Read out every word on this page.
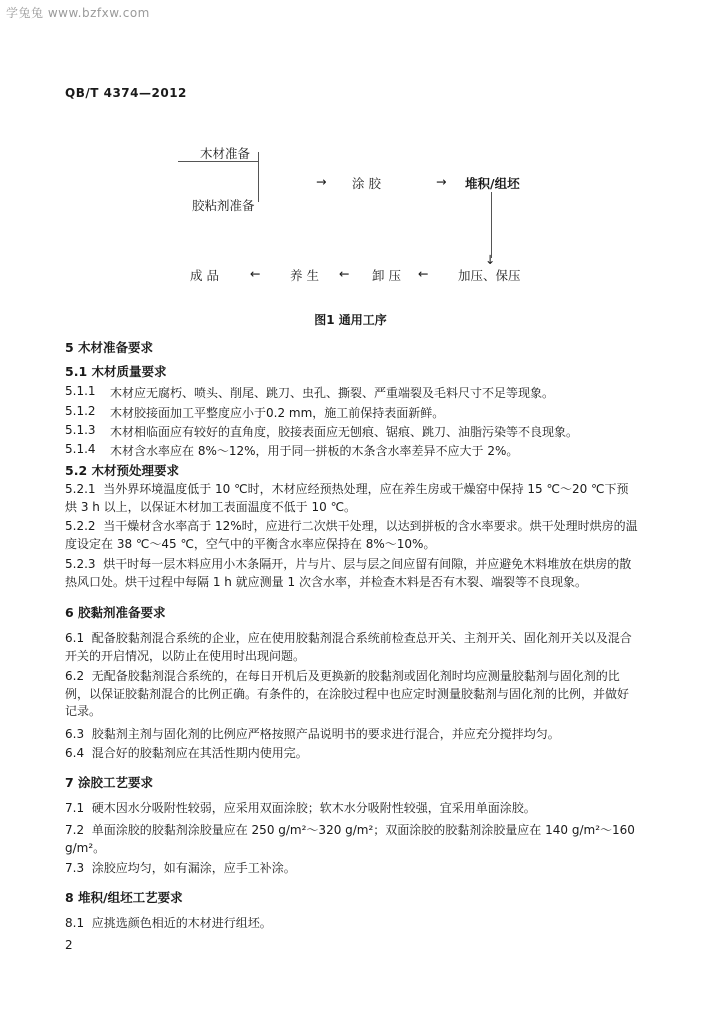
学兔兔 www.bzfxw.com
QB/T 4374—2012
木材准备
胶粘剂准备
→ 涂 胶	→ 堆积/组坯
↓
加压、保压
←
卸 压
←
养 生
←
成 品
图1 通用工序
5 木材准备要求
5.1 木材质量要求
5.1.1 木材应无腐朽、喷头、削尾、跳刀、虫孔、撕裂、严重端裂及毛料尺寸不足等现象。
5.1.2 木材胶接面加工平整度应小于0.2 mm，施工前保持表面新鲜。
5.1.3 木材相临面应有较好的直角度，胶接表面应无刨痕、锯痕、跳刀、油脂污染等不良现象。
5.1.4 木材含水率应在 8%～12%，用于同一拼板的木条含水率差异不应大于 2%。
5.2 木材预处理要求
5.2.1 当外界环境温度低于 10 ℃时，木材应经预热处理，应在养生房或干燥窑中保持 15 ℃～20 ℃下预烘 3 h 以上，以保证木材加工表面温度不低于 10 ℃。
5.2.2 当干燥材含水率高于 12%时，应进行二次烘干处理，以达到拼板的含水率要求。烘干处理时烘房的温度设定在 38 ℃～45 ℃，空气中的平衡含水率应保持在 8%～10%。
5.2.3 烘干时每一层木料应用小木条隔开，片与片、层与层之间应留有间隙，并应避免木料堆放在烘房的散热风口处。烘干过程中每隔 1 h 就应测量 1 次含水率，并检查木料是否有木裂、端裂等不良现象。
6 胶黏剂准备要求
6.1 配备胶黏剂混合系统的企业，应在使用胶黏剂混合系统前检查总开关、主剂开关、固化剂开关以及混合开关的开启情况，以防止在使用时出现问题。
6.2 无配备胶黏剂混合系统的，在每日开机后及更换新的胶黏剂或固化剂时均应测量胶黏剂与固化剂的比例，以保证胶黏剂混合的比例正确。有条件的，在涂胶过程中也应定时测量胶黏剂与固化剂的比例，并做好记录。
6.3 胶黏剂主剂与固化剂的比例应严格按照产品说明书的要求进行混合，并应充分搅拌均匀。
6.4 混合好的胶黏剂应在其活性期内使用完。
7 涂胶工艺要求
7.1 硬木因水分吸附性较弱，应采用双面涂胶；软木水分吸附性较强，宜采用单面涂胶。
7.2 单面涂胶的胶黏剂涂胶量应在 250 g/m²～320 g/m²；双面涂胶的胶黏剂涂胶量应在 140 g/m²～160 g/m²。
7.3 涂胶应均匀，如有漏涂，应手工补涂。
8 堆积/组坯工艺要求
8.1 应挑选颜色相近的木材进行组坯。
2
